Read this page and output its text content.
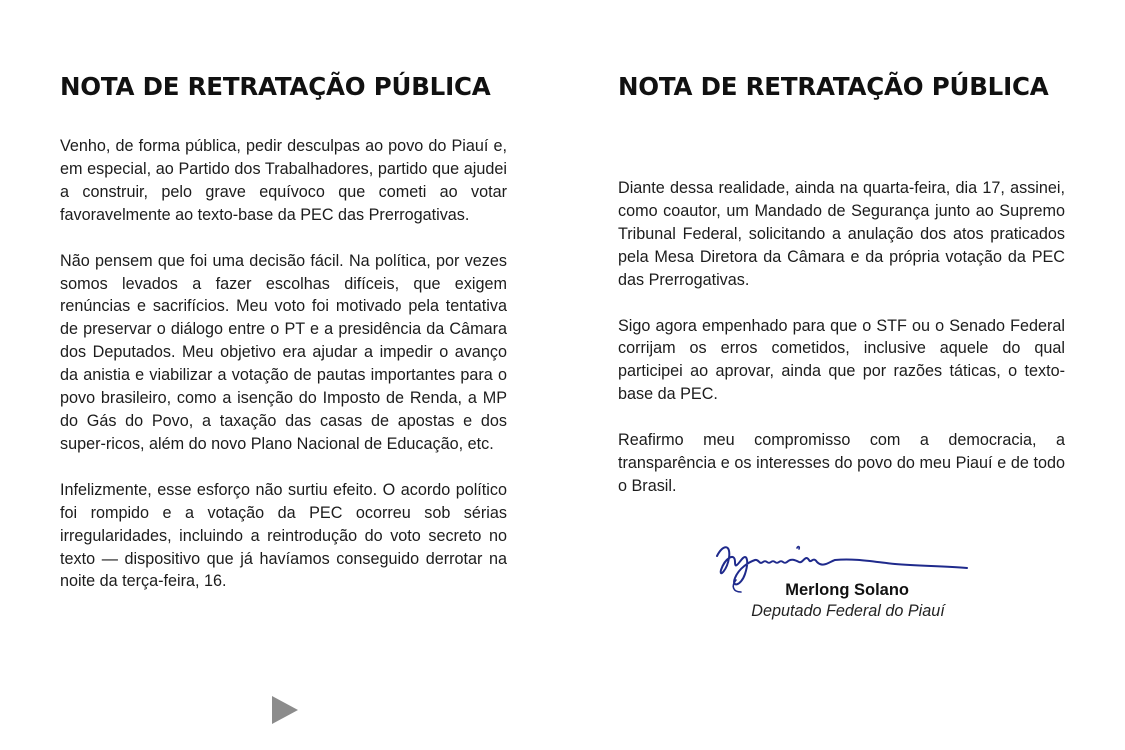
NOTA DE RETRATAÇÃO PÚBLICA

Venho, de forma pública, pedir desculpas ao povo do Piauí e, em especial, ao Partido dos Trabalhadores, partido que ajudei a construir, pelo grave equívoco que cometi ao votar favoravelmente ao texto-base da PEC das Prerrogativas.

Não pensem que foi uma decisão fácil. Na política, por vezes somos levados a fazer escolhas difíceis, que exigem renúncias e sacrifícios. Meu voto foi motivado pela tentativa de preservar o diálogo entre o PT e a presidência da Câmara dos Deputados. Meu objetivo era ajudar a impedir o avanço da anistia e viabilizar a votação de pautas importantes para o povo brasileiro, como a isenção do Imposto de Renda, a MP do Gás do Povo, a taxação das casas de apostas e dos super-ricos, além do novo Plano Nacional de Educação, etc.

Infelizmente, esse esforço não surtiu efeito. O acordo político foi rompido e a votação da PEC ocorreu sob sérias irregularidades, incluindo a reintrodução do voto secreto no texto — dispositivo que já havíamos conseguido derrotar na noite da terça-feira, 16.

NOTA DE RETRATAÇÃO PÚBLICA

Diante dessa realidade, ainda na quarta-feira, dia 17, assinei, como coautor, um Mandado de Segurança junto ao Supremo Tribunal Federal, solicitando a anulação dos atos praticados pela Mesa Diretora da Câmara e da própria votação da PEC das Prerrogativas.

Sigo agora empenhado para que o STF ou o Senado Federal corrijam os erros cometidos, inclusive aquele do qual participei ao aprovar, ainda que por razões táticas, o texto-base da PEC.

Reafirmo meu compromisso com a democracia, a transparência e os interesses do povo do meu Piauí e de todo o Brasil.

Merlong Solano
Deputado Federal do Piauí
